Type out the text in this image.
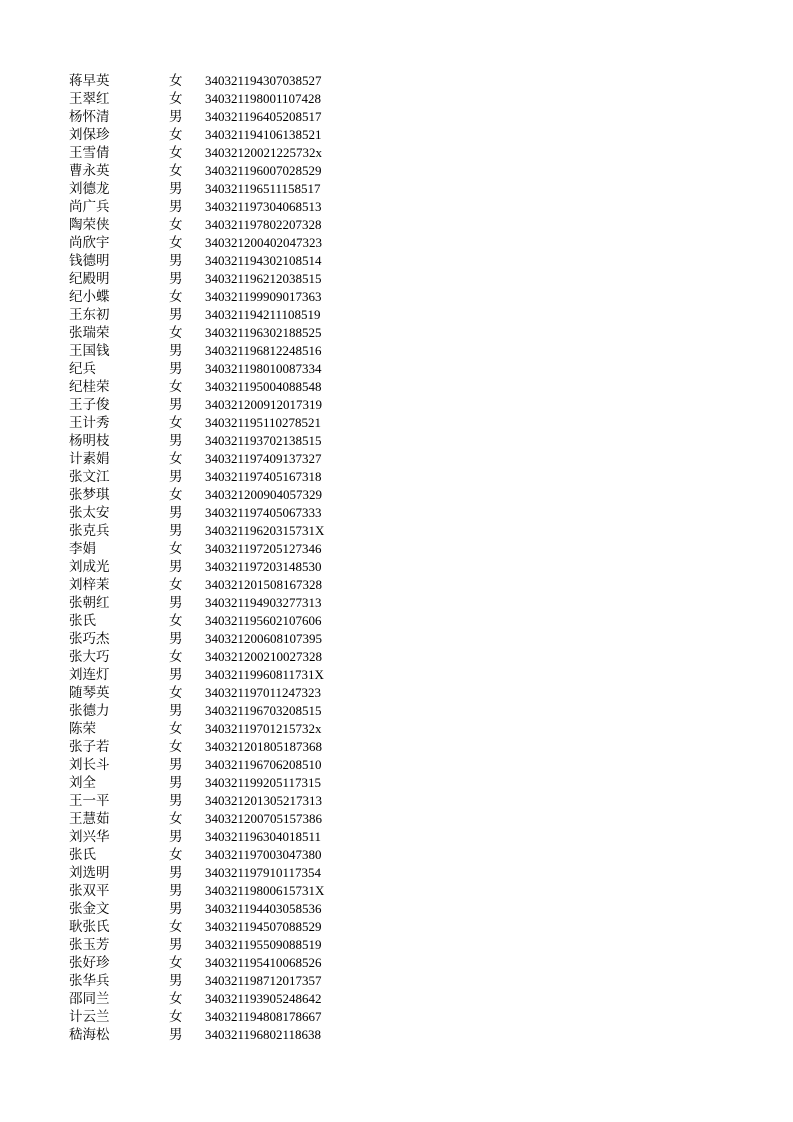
蒋早英	女 340321194307038527
王翠红	女 340321198001107428
杨怀清	男 340321196405208517
刘保珍	女 340321194106138521
王雪倩	女 34032120021225732x
曹永英	女 340321196007028529
刘德龙	男 340321196511158517
尚广兵	男 340321197304068513
陶荣侠	女 340321197802207328
尚欣宇	女 340321200402047323
钱德明	男 340321194302108514
纪殿明	男 340321196212038515
纪小蝶	女 340321199909017363
王东初	男 340321194211108519
张瑞荣	女 340321196302188525
王国钱	男 340321196812248516
纪兵	男 340321198010087334
纪桂荣	女 340321195004088548
王子俊	男 340321200912017319
王计秀	女 340321195110278521
杨明枝	男 340321193702138515
计素娟	女 340321197409137327
张文江	男 340321197405167318
张梦琪	女 340321200904057329
张太安	男 340321197405067333
张克兵	男 34032119620315731X
李娟	女 340321197205127346
刘成光	男 340321197203148530
刘梓茉	女 340321201508167328
张朝红	男 340321194903277313
张氏	女 340321195602107606
张巧杰	男 340321200608107395
张大巧	女 340321200210027328
刘连灯	男 34032119960811731X
随琴英	女 340321197011247323
张德力	男 340321196703208515
陈荣	女 34032119701215732x
张子若	女 340321201805187368
刘长斗	男 340321196706208510
刘全	男 340321199205117315
王一平	男 340321201305217313
王慧茹	女 340321200705157386
刘兴华	男 340321196304018511
张氏	女 340321197003047380
刘选明	男 340321197910117354
张双平	男 34032119800615731X
张金文	男 340321194403058536
耿张氏	女 340321194507088529
张玉芳	男 340321195509088519
张好珍	女 340321195410068526
张华兵	男 340321198712017357
邵同兰	女 340321193905248642
计云兰	女 340321194808178667
嵇海松	男 340321196802118638
